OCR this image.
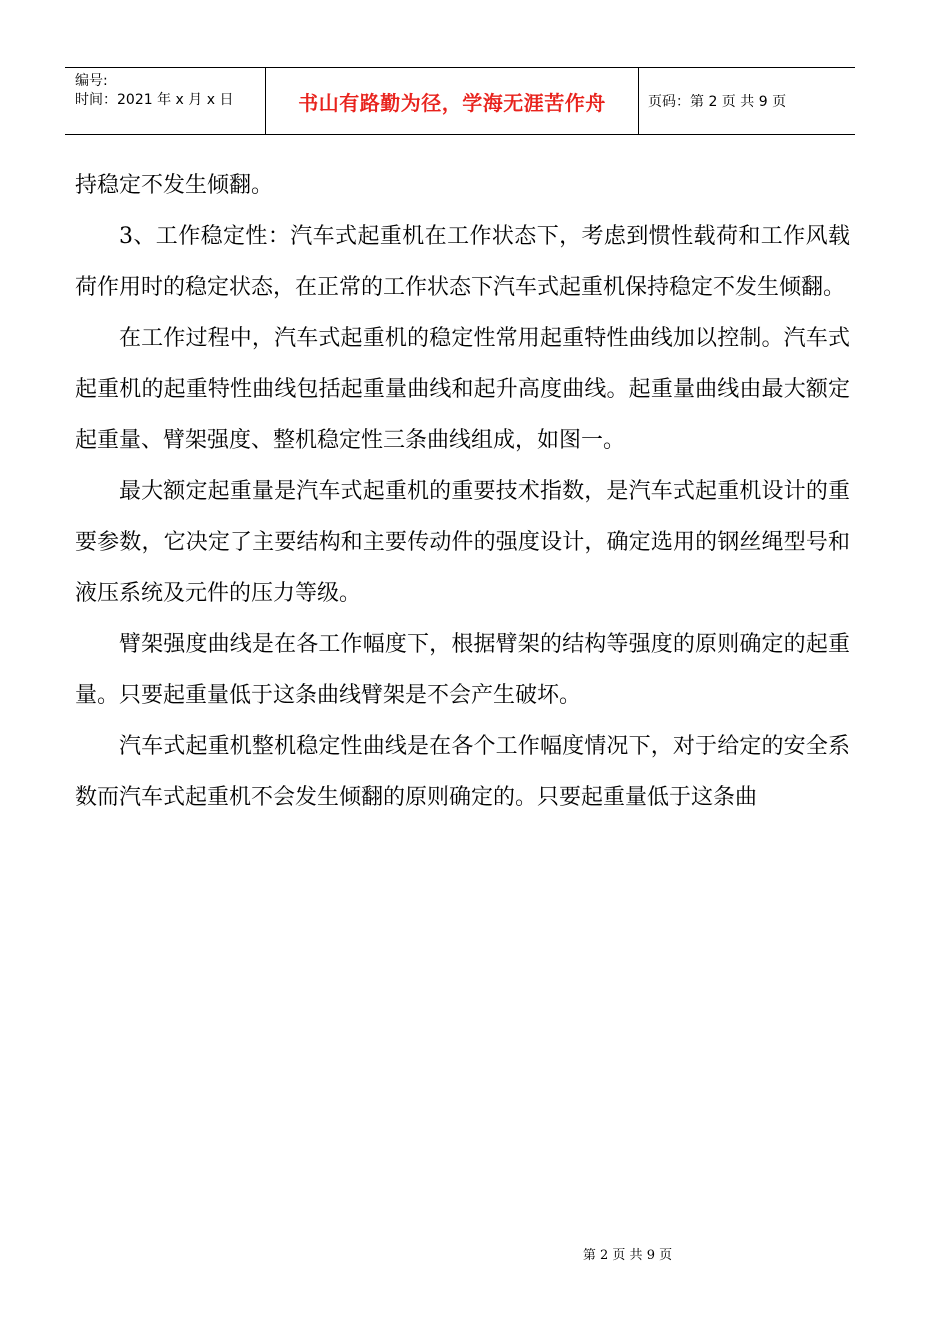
编号:
时间：2021 年 x 月 x 日	书山有路勤为径，学海无涯苦作舟	页码：第 2 页 共 9 页

持稳定不发生倾翻。

3、工作稳定性：汽车式起重机在工作状态下，考虑到惯性载荷和工作风载荷作用时的稳定状态，在正常的工作状态下汽车式起重机保持稳定不发生倾翻。

在工作过程中，汽车式起重机的稳定性常用起重特性曲线加以控制。汽车式起重机的起重特性曲线包括起重量曲线和起升高度曲线。起重量曲线由最大额定起重量、臂架强度、整机稳定性三条曲线组成，如图一。

最大额定起重量是汽车式起重机的重要技术指数，是汽车式起重机设计的重要参数，它决定了主要结构和主要传动件的强度设计，确定选用的钢丝绳型号和液压系统及元件的压力等级。

臂架强度曲线是在各工作幅度下，根据臂架的结构等强度的原则确定的起重量。只要起重量低于这条曲线臂架是不会产生破坏。

汽车式起重机整机稳定性曲线是在各个工作幅度情况下，对于给定的安全系数而汽车式起重机不会发生倾翻的原则确定的。只要起重量低于这条曲

第 2 页 共 9 页
